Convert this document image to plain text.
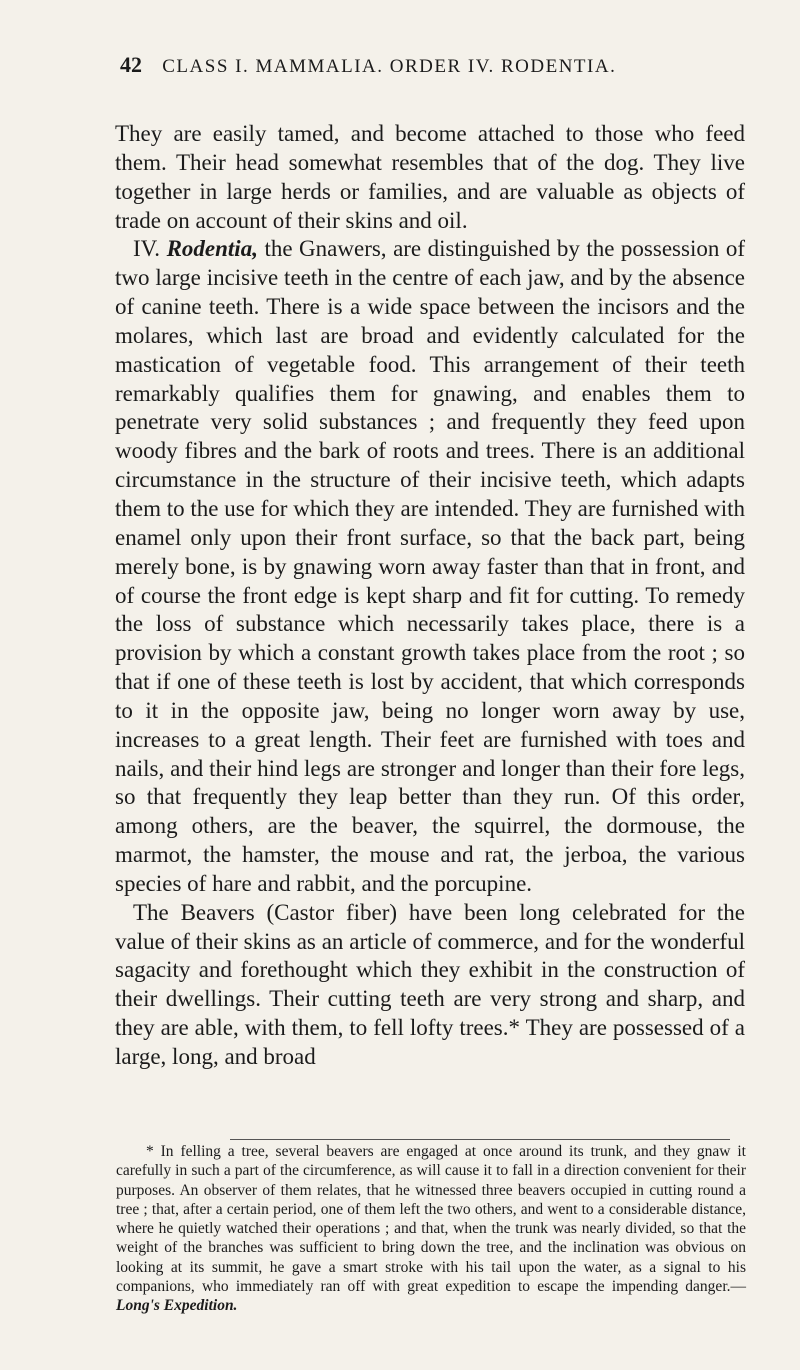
42 CLASS I. MAMMALIA. ORDER IV. RODENTIA.

They are easily tamed, and become attached to those who feed them. Their head somewhat resembles that of the dog. They live together in large herds or families, and are valuable as objects of trade on account of their skins and oil.

IV. Rodentia, the Gnawers, are distinguished by the possession of two large incisive teeth in the centre of each jaw, and by the absence of canine teeth. There is a wide space between the incisors and the molares, which last are broad and evidently calculated for the mastication of vegetable food. This arrangement of their teeth remarkably qualifies them for gnawing, and enables them to penetrate very solid substances ; and frequently they feed upon woody fibres and the bark of roots and trees. There is an additional circumstance in the structure of their incisive teeth, which adapts them to the use for which they are intended. They are furnished with enamel only upon their front surface, so that the back part, being merely bone, is by gnawing worn away faster than that in front, and of course the front edge is kept sharp and fit for cutting. To remedy the loss of substance which necessarily takes place, there is a provision by which a constant growth takes place from the root ; so that if one of these teeth is lost by accident, that which corresponds to it in the opposite jaw, being no longer worn away by use, increases to a great length. Their feet are furnished with toes and nails, and their hind legs are stronger and longer than their fore legs, so that frequently they leap better than they run. Of this order, among others, are the beaver, the squirrel, the dormouse, the marmot, the hamster, the mouse and rat, the jerboa, the various species of hare and rabbit, and the porcupine.

The Beavers (Castor fiber) have been long celebrated for the value of their skins as an article of commerce, and for the wonderful sagacity and forethought which they exhibit in the construction of their dwellings. Their cutting teeth are very strong and sharp, and they are able, with them, to fell lofty trees.* They are possessed of a large, long, and broad

* In felling a tree, several beavers are engaged at once around its trunk, and they gnaw it carefully in such a part of the circumference, as will cause it to fall in a direction convenient for their purposes. An observer of them relates, that he witnessed three beavers occupied in cutting round a tree ; that, after a certain period, one of them left the two others, and went to a considerable distance, where he quietly watched their operations ; and that, when the trunk was nearly divided, so that the weight of the branches was sufficient to bring down the tree, and the inclination was obvious on looking at its summit, he gave a smart stroke with his tail upon the water, as a signal to his companions, who immediately ran off with great expedition to escape the impending danger.—Long's Expedition.
